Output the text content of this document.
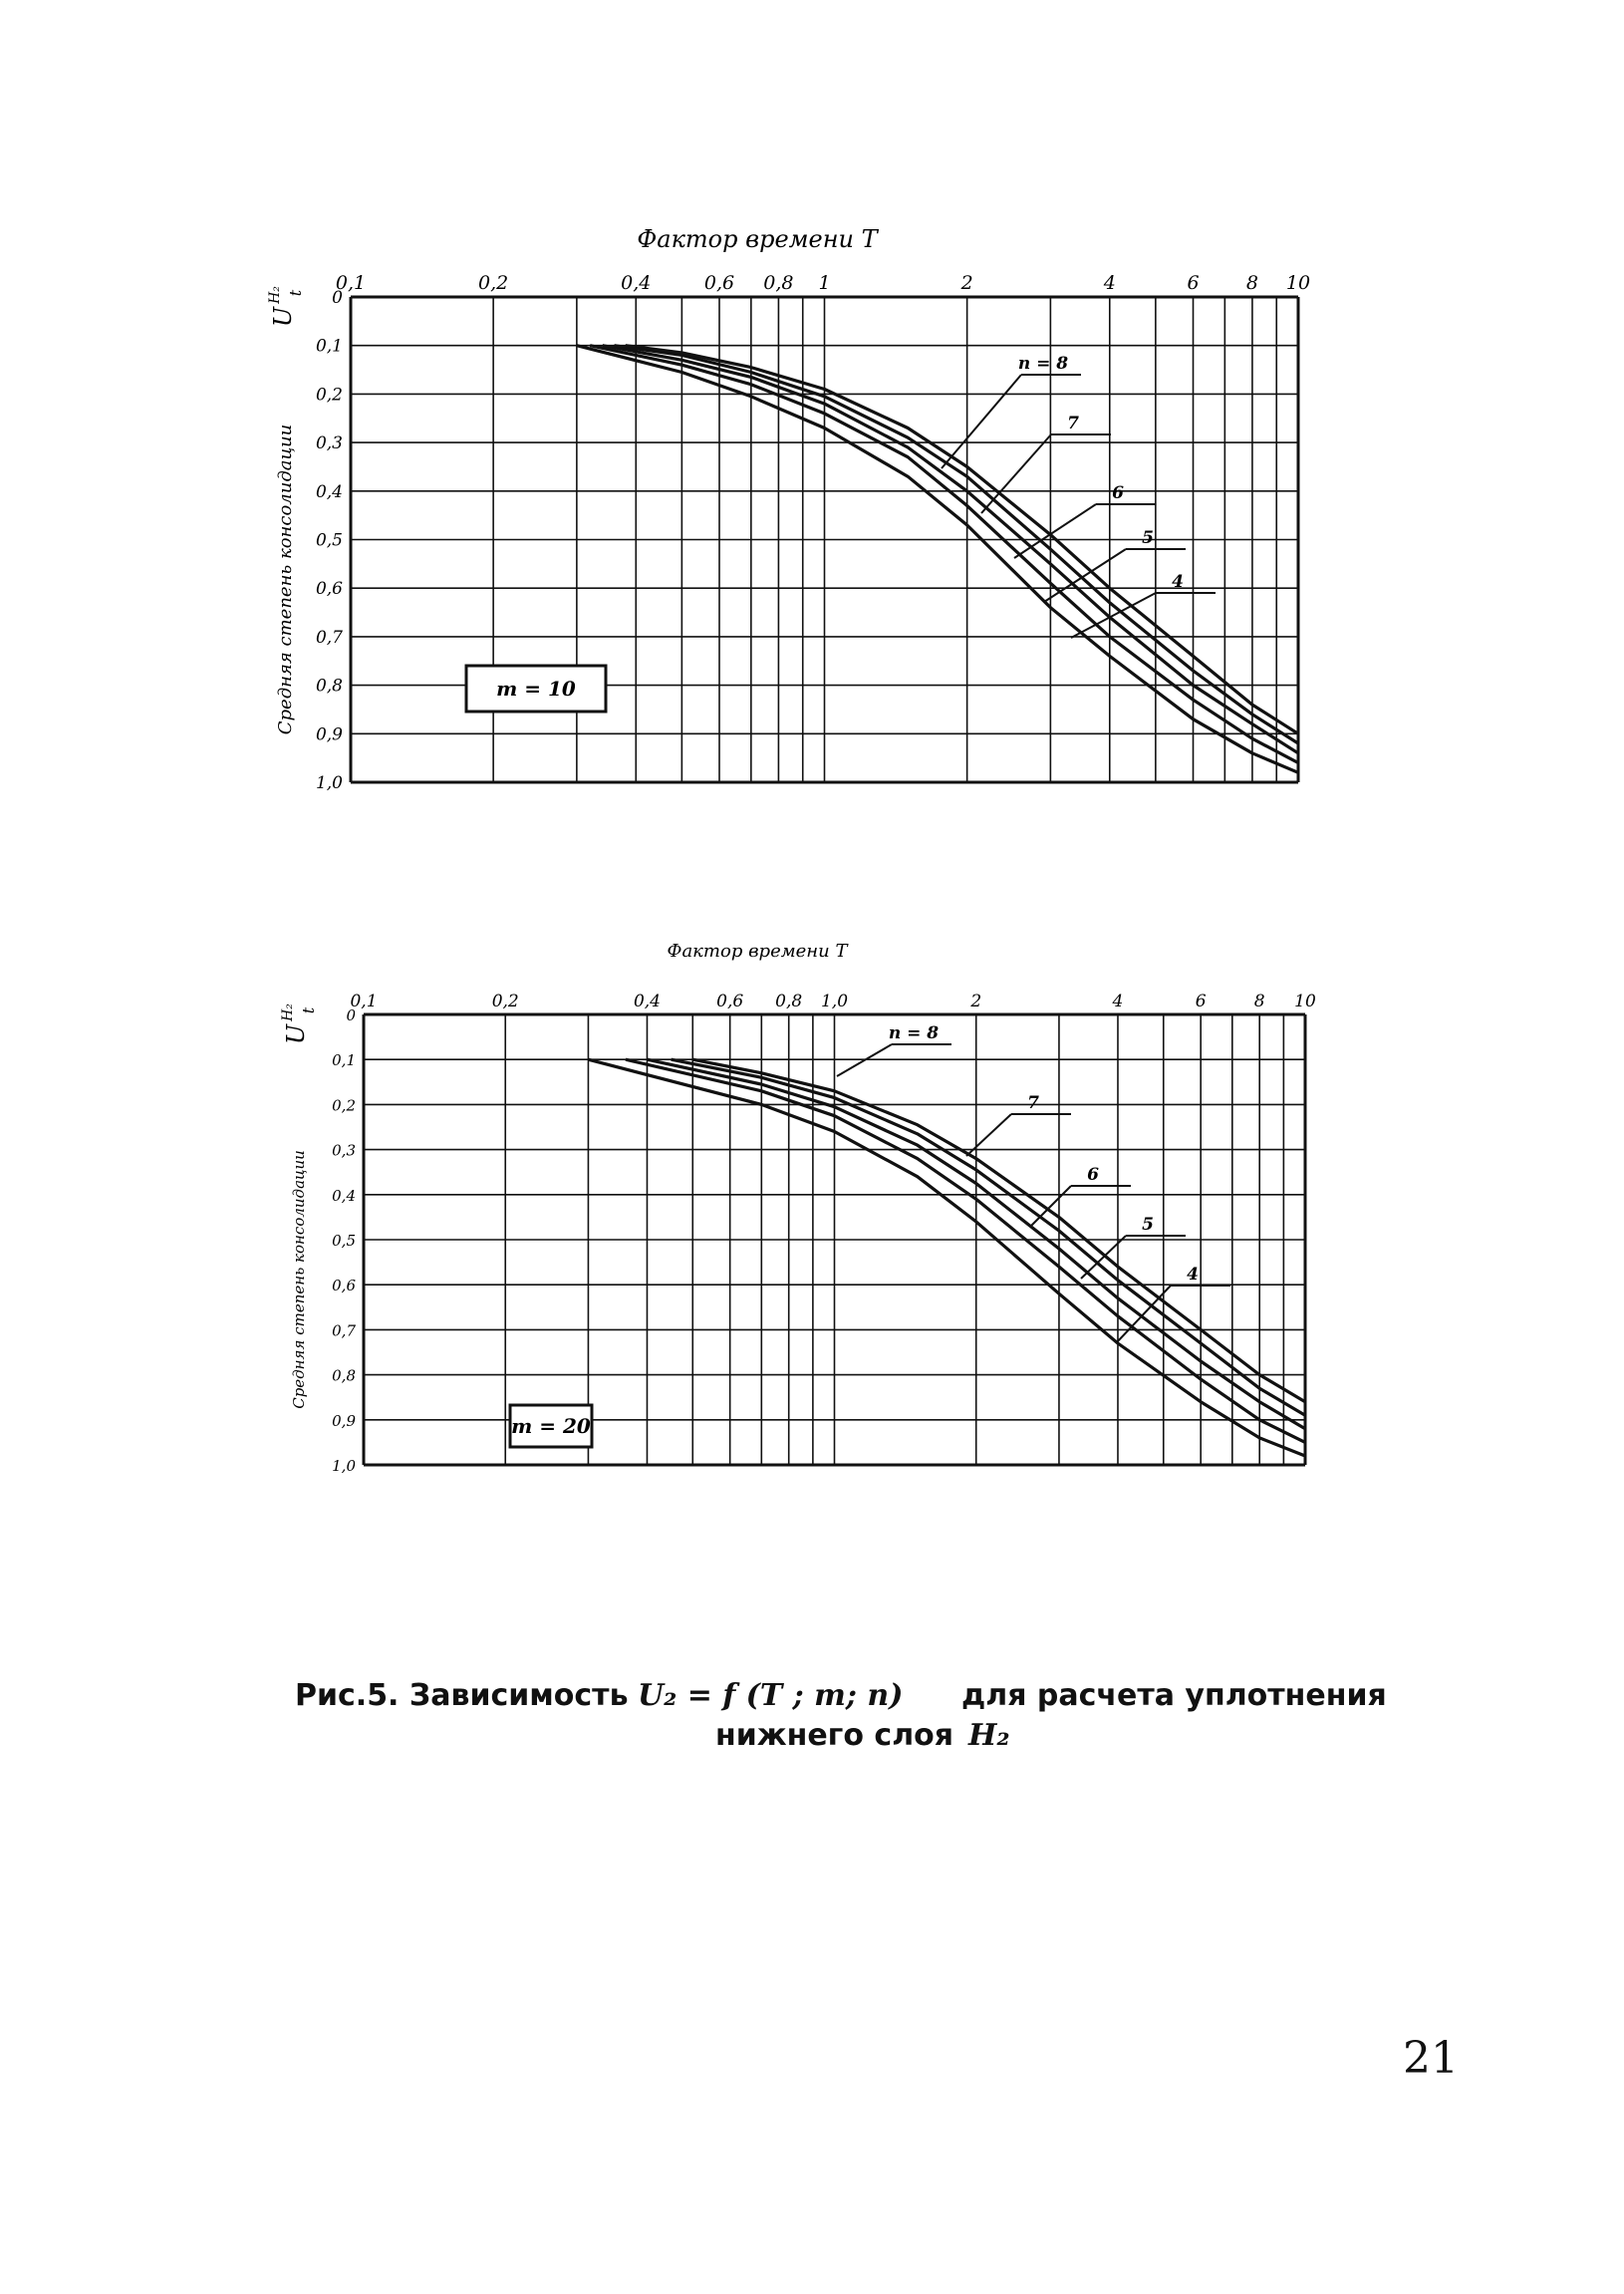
Фактор времени T
0,1	0,2	0,4	0,6 0,8 1	2	4	6 8 10
0
0,1
0,2
0,3
0,4
0,5
0,6
0,7
0,8
0,9
1,0
Средняя степень консолидации
U
H₂ t
n = 8
7
6
5
4
m = 10
Фактор времени T
0,1	0,2	0,4	0,6 0,8 1,0	2	4	6	8 10
0
0,1
0,2
0,3
0,4
0,5
0,6
0,7
0,8
0,9
1,0
Средняя степень консолидации
U
H₂ t
n = 8
7
6
5
4
m = 20
Рис.5. Зависимость U₂ = f (T ; m; n) для расчета уплотнения
нижнего слоя H₂
21
